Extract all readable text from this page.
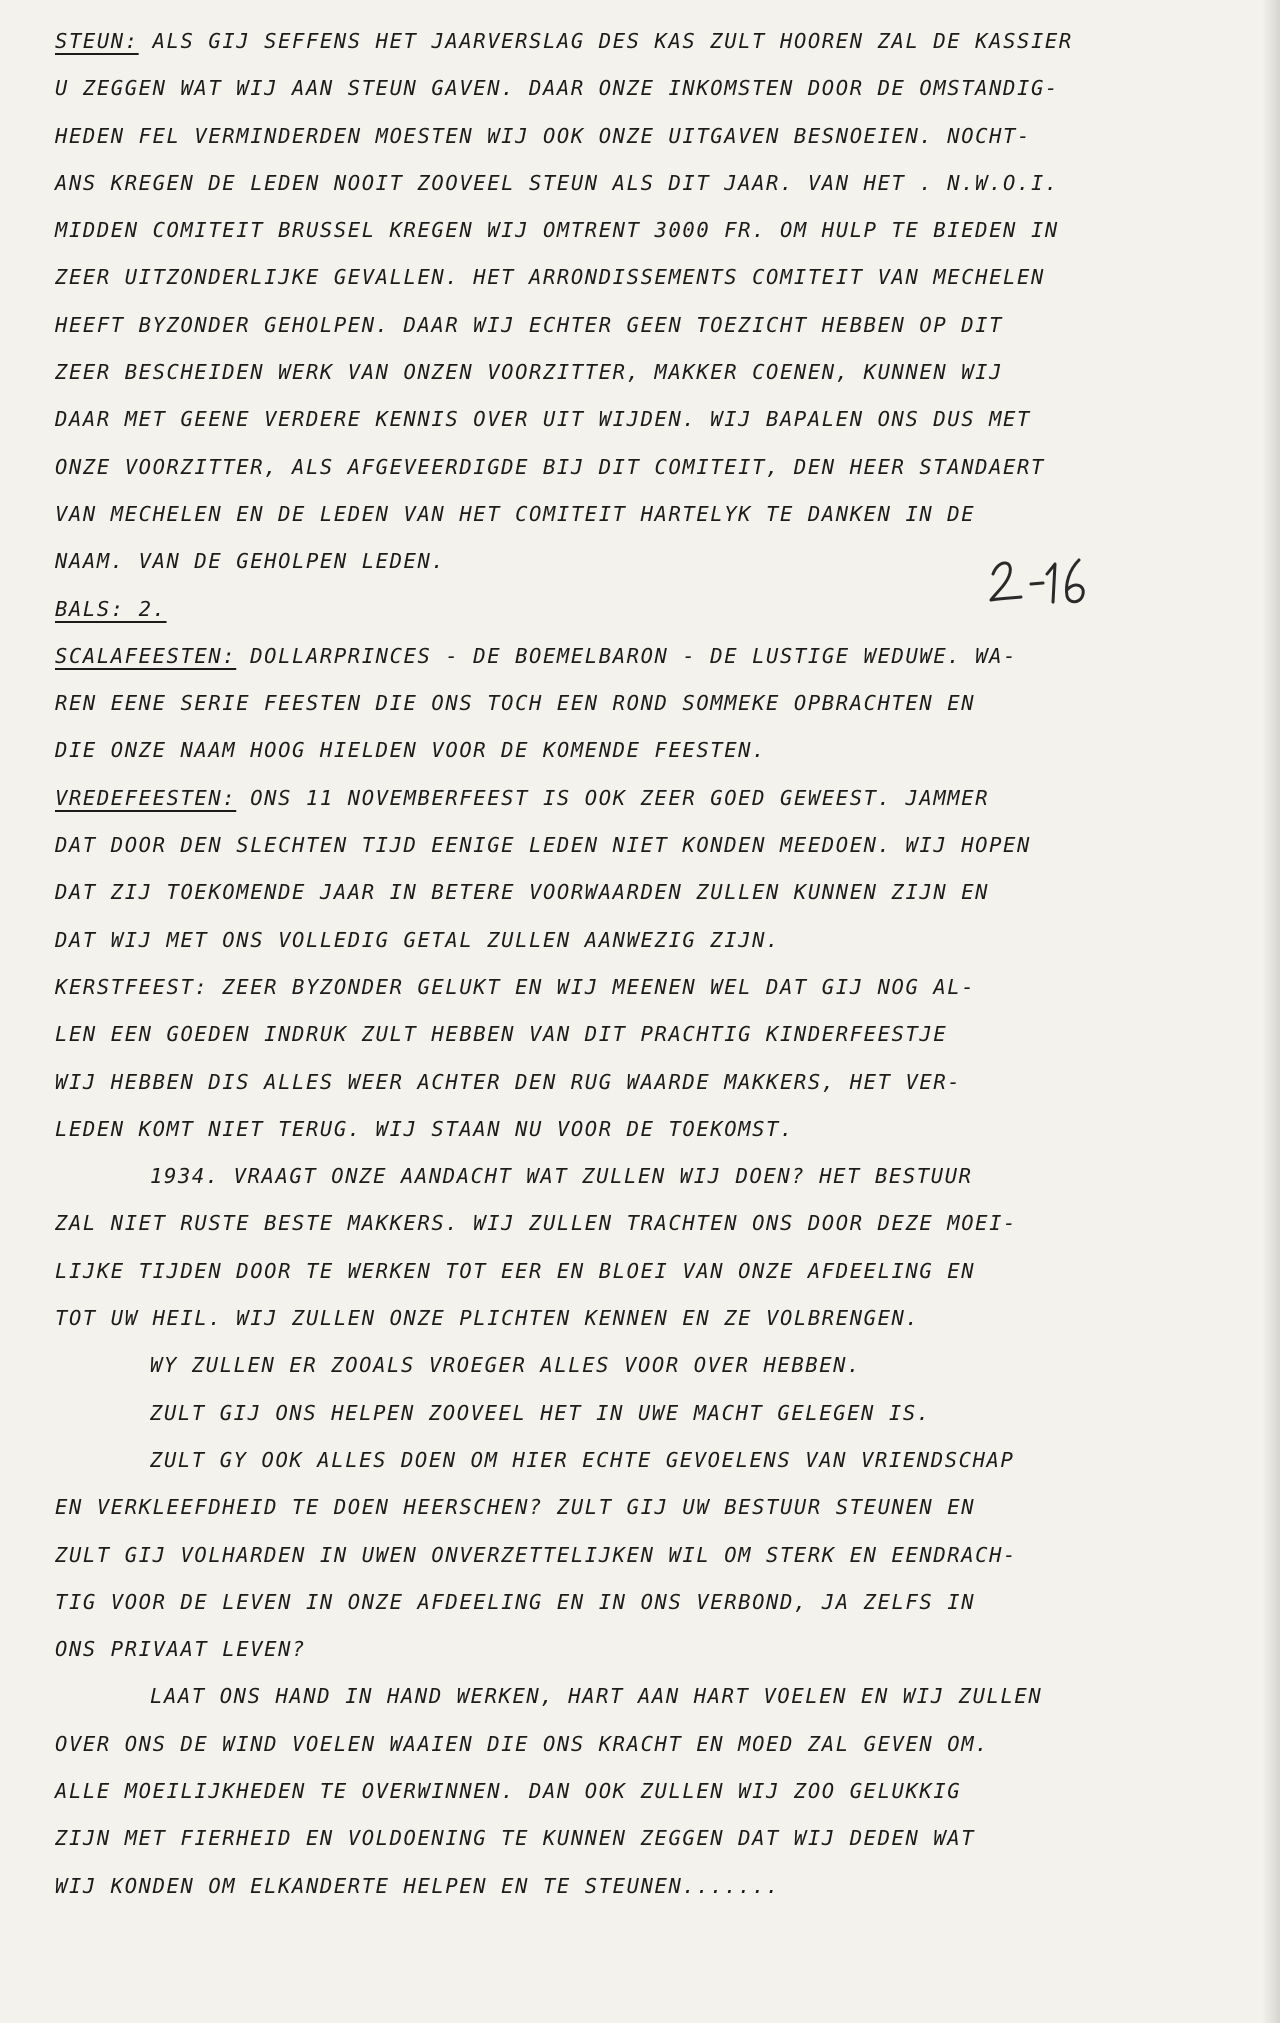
STEUN: ALS GIJ SEFFENS HET JAARVERSLAG DES KAS ZULT HOOREN ZAL DE KASSIER
U ZEGGEN WAT WIJ AAN STEUN GAVEN. DAAR ONZE INKOMSTEN DOOR DE OMSTANDIG-
HEDEN FEL VERMINDERDEN MOESTEN WIJ OOK ONZE UITGAVEN BESNOEIEN. NOCHT-
ANS KREGEN DE LEDEN NOOIT ZOOVEEL STEUN ALS DIT JAAR. VAN HET . N.W.O.I.
MIDDEN COMITEIT BRUSSEL KREGEN WIJ OMTRENT 3000 FR. OM HULP TE BIEDEN IN
ZEER UITZONDERLIJKE GEVALLEN. HET ARRONDISSEMENTS COMITEIT VAN MECHELEN
HEEFT BYZONDER GEHOLPEN. DAAR WIJ ECHTER GEEN TOEZICHT HEBBEN OP DIT
ZEER BESCHEIDEN WERK VAN ONZEN VOORZITTER, MAKKER COENEN, KUNNEN WIJ
DAAR MET GEENE VERDERE KENNIS OVER UIT WIJDEN. WIJ BAPALEN ONS DUS MET
ONZE VOORZITTER, ALS AFGEVEERDIGDE BIJ DIT COMITEIT, DEN HEER STANDAERT
VAN MECHELEN EN DE LEDEN VAN HET COMITEIT HARTELYK TE DANKEN IN DE
NAAM. VAN DE GEHOLPEN LEDEN.
BALS: 2.
SCALAFEESTEN: DOLLARPRINCES - DE BOEMELBARON - DE LUSTIGE WEDUWE. WA-
REN EENE SERIE FEESTEN DIE ONS TOCH EEN ROND SOMMEKE OPBRACHTEN EN
DIE ONZE NAAM HOOG HIELDEN VOOR DE KOMENDE FEESTEN.
VREDEFEESTEN: ONS 11 NOVEMBERFEEST IS OOK ZEER GOED GEWEEST. JAMMER
DAT DOOR DEN SLECHTEN TIJD EENIGE LEDEN NIET KONDEN MEEDOEN. WIJ HOPEN
DAT ZIJ TOEKOMENDE JAAR IN BETERE VOORWAARDEN ZULLEN KUNNEN ZIJN EN
DAT WIJ MET ONS VOLLEDIG GETAL ZULLEN AANWEZIG ZIJN.
KERSTFEEST: ZEER BYZONDER GELUKT EN WIJ MEENEN WEL DAT GIJ NOG AL-
LEN EEN GOEDEN INDRUK ZULT HEBBEN VAN DIT PRACHTIG KINDERFEESTJE
WIJ HEBBEN DIS ALLES WEER ACHTER DEN RUG WAARDE MAKKERS, HET VER-
LEDEN KOMT NIET TERUG. WIJ STAAN NU VOOR DE TOEKOMST.
1934. VRAAGT ONZE AANDACHT WAT ZULLEN WIJ DOEN? HET BESTUUR
ZAL NIET RUSTE BESTE MAKKERS. WIJ ZULLEN TRACHTEN ONS DOOR DEZE MOEI-
LIJKE TIJDEN DOOR TE WERKEN TOT EER EN BLOEI VAN ONZE AFDEELING EN
TOT UW HEIL. WIJ ZULLEN ONZE PLICHTEN KENNEN EN ZE VOLBRENGEN.
WY ZULLEN ER ZOOALS VROEGER ALLES VOOR OVER HEBBEN.
ZULT GIJ ONS HELPEN ZOOVEEL HET IN UWE MACHT GELEGEN IS.
ZULT GY OOK ALLES DOEN OM HIER ECHTE GEVOELENS VAN VRIENDSCHAP
EN VERKLEEFDHEID TE DOEN HEERSCHEN? ZULT GIJ UW BESTUUR STEUNEN EN
ZULT GIJ VOLHARDEN IN UWEN ONVERZETTELIJKEN WIL OM STERK EN EENDRACH-
TIG VOOR DE LEVEN IN ONZE AFDEELING EN IN ONS VERBOND, JA ZELFS IN
ONS PRIVAAT LEVEN?
LAAT ONS HAND IN HAND WERKEN, HART AAN HART VOELEN EN WIJ ZULLEN
OVER ONS DE WIND VOELEN WAAIEN DIE ONS KRACHT EN MOED ZAL GEVEN OM.
ALLE MOEILIJKHEDEN TE OVERWINNEN. DAN OOK ZULLEN WIJ ZOO GELUKKIG
ZIJN MET FIERHEID EN VOLDOENING TE KUNNEN ZEGGEN DAT WIJ DEDEN WAT
WIJ KONDEN OM ELKANDERTE HELPEN EN TE STEUNEN.......
